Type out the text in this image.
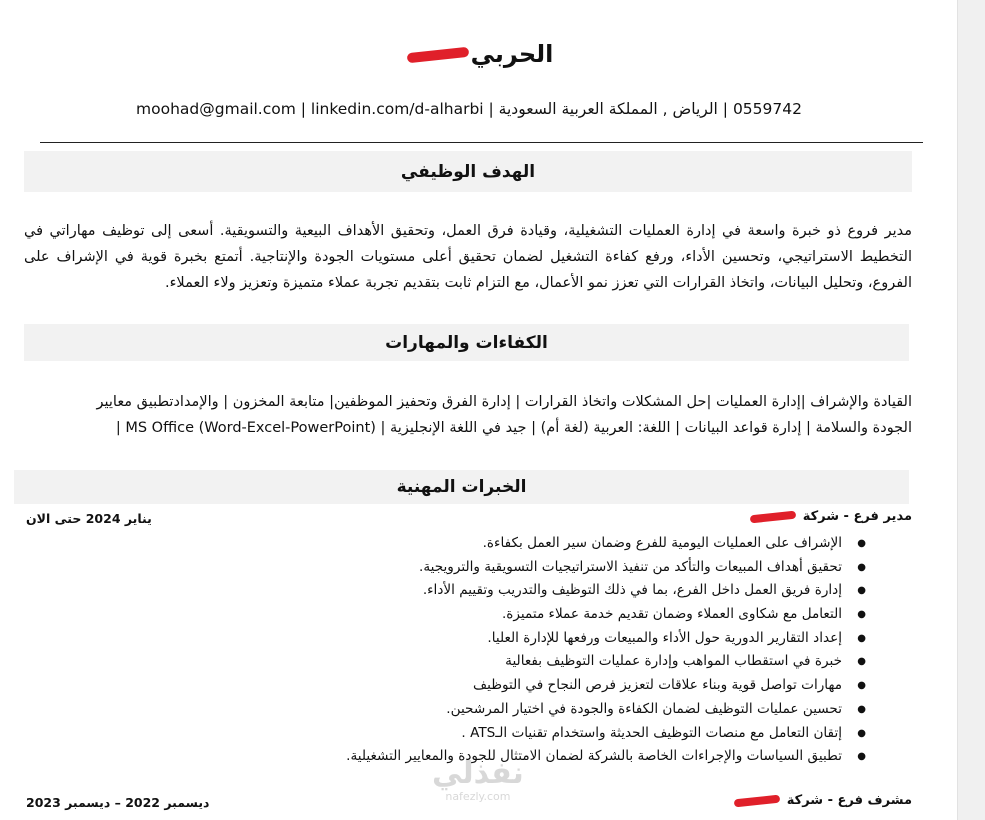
الحربي
0559742 | الرياض , المملكة العربية السعودية | moohad@gmail.com | linkedin.com/d-alharbi
الهدف الوظيفي
مدير فروع ذو خبرة واسعة في إدارة العمليات التشغيلية، وقيادة فرق العمل، وتحقيق الأهداف البيعية والتسويقية. أسعى إلى توظيف مهاراتي في التخطيط الاستراتيجي، وتحسين الأداء، ورفع كفاءة التشغيل لضمان تحقيق أعلى مستويات الجودة والإنتاجية. أتمتع بخبرة قوية في الإشراف على الفروع، وتحليل البيانات، واتخاذ القرارات التي تعزز نمو الأعمال، مع التزام ثابت بتقديم تجربة عملاء متميزة وتعزيز ولاء العملاء.
الكفاءات والمهارات
القيادة والإشراف |إدارة العمليات |حل المشكلات واتخاذ القرارات | إدارة الفرق وتحفيز الموظفين| متابعة المخزون | والإمدادتطبيق معايير
الجودة والسلامة | إدارة قواعد البيانات | اللغة: العربية (لغة أم) | جيد في اللغة الإنجليزية | MS Office (Word-Excel-PowerPoint) |
الخبرات المهنية
مدير فرع - شركة
يناير 2024 حتى الان
● الإشراف على العمليات اليومية للفرع وضمان سير العمل بكفاءة.
● تحقيق أهداف المبيعات والتأكد من تنفيذ الاستراتيجيات التسويقية والترويجية.
● إدارة فريق العمل داخل الفرع، بما في ذلك التوظيف والتدريب وتقييم الأداء.
● التعامل مع شكاوى العملاء وضمان تقديم خدمة عملاء متميزة.
● إعداد التقارير الدورية حول الأداء والمبيعات ورفعها للإدارة العليا.
● خبرة في استقطاب المواهب وإدارة عمليات التوظيف بفعالية
● مهارات تواصل قوية وبناء علاقات لتعزيز فرص النجاح في التوظيف
● تحسين عمليات التوظيف لضمان الكفاءة والجودة في اختيار المرشحين.
● إتقان التعامل مع منصات التوظيف الحديثة واستخدام تقنيات الـATS .
● تطبيق السياسات والإجراءات الخاصة بالشركة لضمان الامتثال للجودة والمعايير التشغيلية.
نفذلي
nafezly.com	مشرف فرع - شركة
ديسمبر 2022 – ديسمبر 2023
